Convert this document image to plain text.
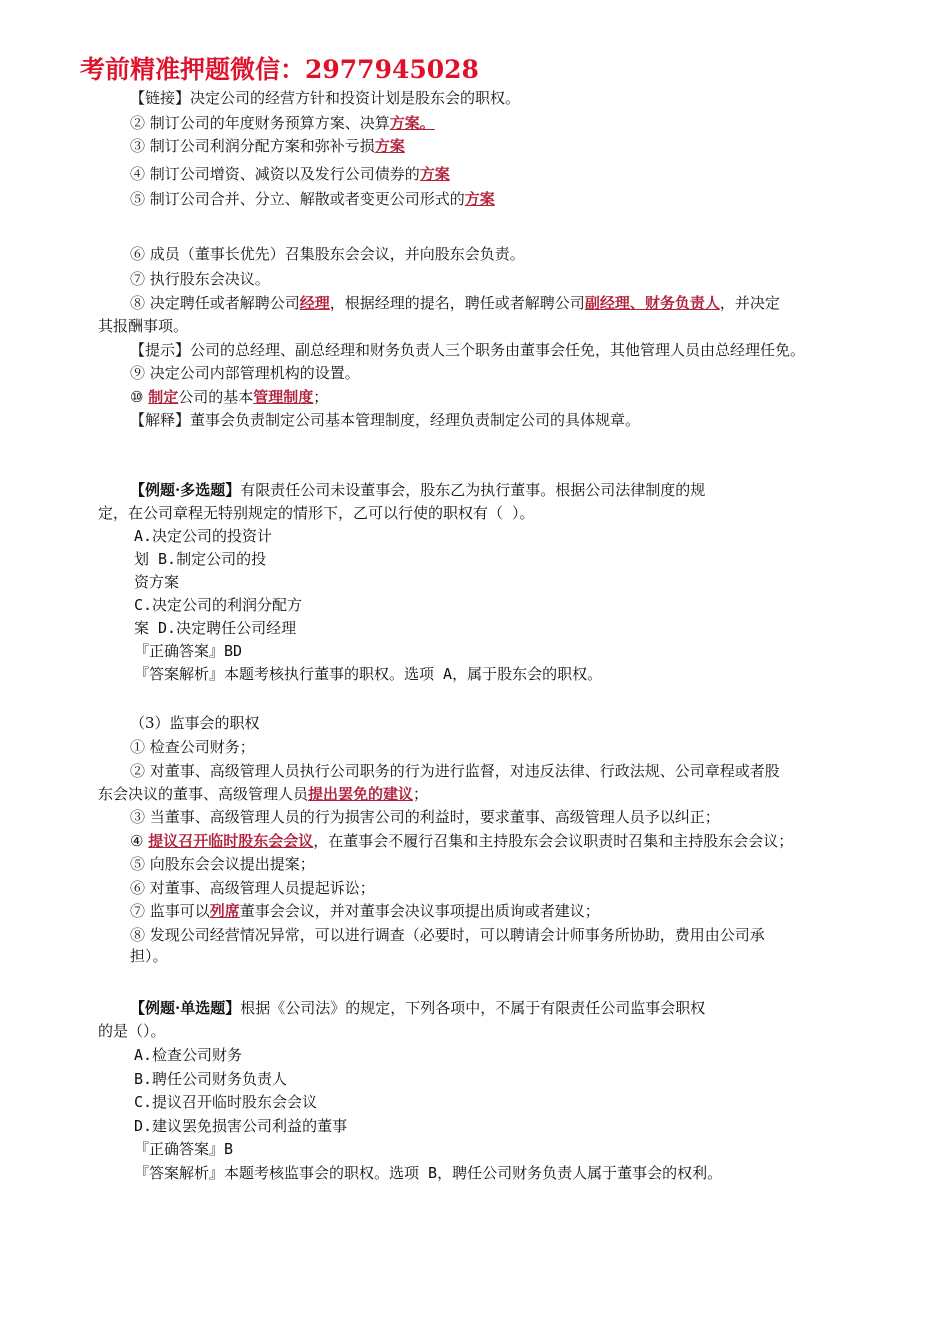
考前精准押题微信：2977945028
【链接】决定公司的经营方针和投资计划是股东会的职权。
② 制订公司的年度财务预算方案、决算方案。
③ 制订公司利润分配方案和弥补亏损方案
④ 制订公司增资、减资以及发行公司债券的方案
⑤ 制订公司合并、分立、解散或者变更公司形式的方案
⑥ 成员（董事长优先）召集股东会会议，并向股东会负责。
⑦ 执行股东会决议。
⑧ 决定聘任或者解聘公司经理，根据经理的提名，聘任或者解聘公司副经理、财务负责人，并决定
其报酬事项。
【提示】公司的总经理、副总经理和财务负责人三个职务由董事会任免，其他管理人员由总经理任免。
⑨ 决定公司内部管理机构的设置。
⑩ 制定公司的基本管理制度；
【解释】董事会负责制定公司基本管理制度，经理负责制定公司的具体规章。
【例题·多选题】有限责任公司未设董事会，股东乙为执行董事。根据公司法律制度的规
定，在公司章程无特别规定的情形下，乙可以行使的职权有（ ）。
A.决定公司的投资计
划 B.制定公司的投
资方案
C.决定公司的利润分配方
案 D.决定聘任公司经理
『正确答案』BD
『答案解析』本题考核执行董事的职权。选项 A，属于股东会的职权。
（3）监事会的职权
① 检查公司财务；
② 对董事、高级管理人员执行公司职务的行为进行监督，对违反法律、行政法规、公司章程或者股
东会决议的董事、高级管理人员提出罢免的建议；
③ 当董事、高级管理人员的行为损害公司的利益时，要求董事、高级管理人员予以纠正；
④ 提议召开临时股东会会议，在董事会不履行召集和主持股东会会议职责时召集和主持股东会会议；
⑤ 向股东会会议提出提案；
⑥ 对董事、高级管理人员提起诉讼；
⑦ 监事可以列席董事会会议，并对董事会决议事项提出质询或者建议；
⑧ 发现公司经营情况异常，可以进行调查（必要时，可以聘请会计师事务所协助，费用由公司承
担）。
【例题·单选题】根据《公司法》的规定，下列各项中，不属于有限责任公司监事会职权
的是（）。
A.检查公司财务
B.聘任公司财务负责人
C.提议召开临时股东会会议
D.建议罢免损害公司利益的董事
『正确答案』B
『答案解析』本题考核监事会的职权。选项 B，聘任公司财务负责人属于董事会的权利。
